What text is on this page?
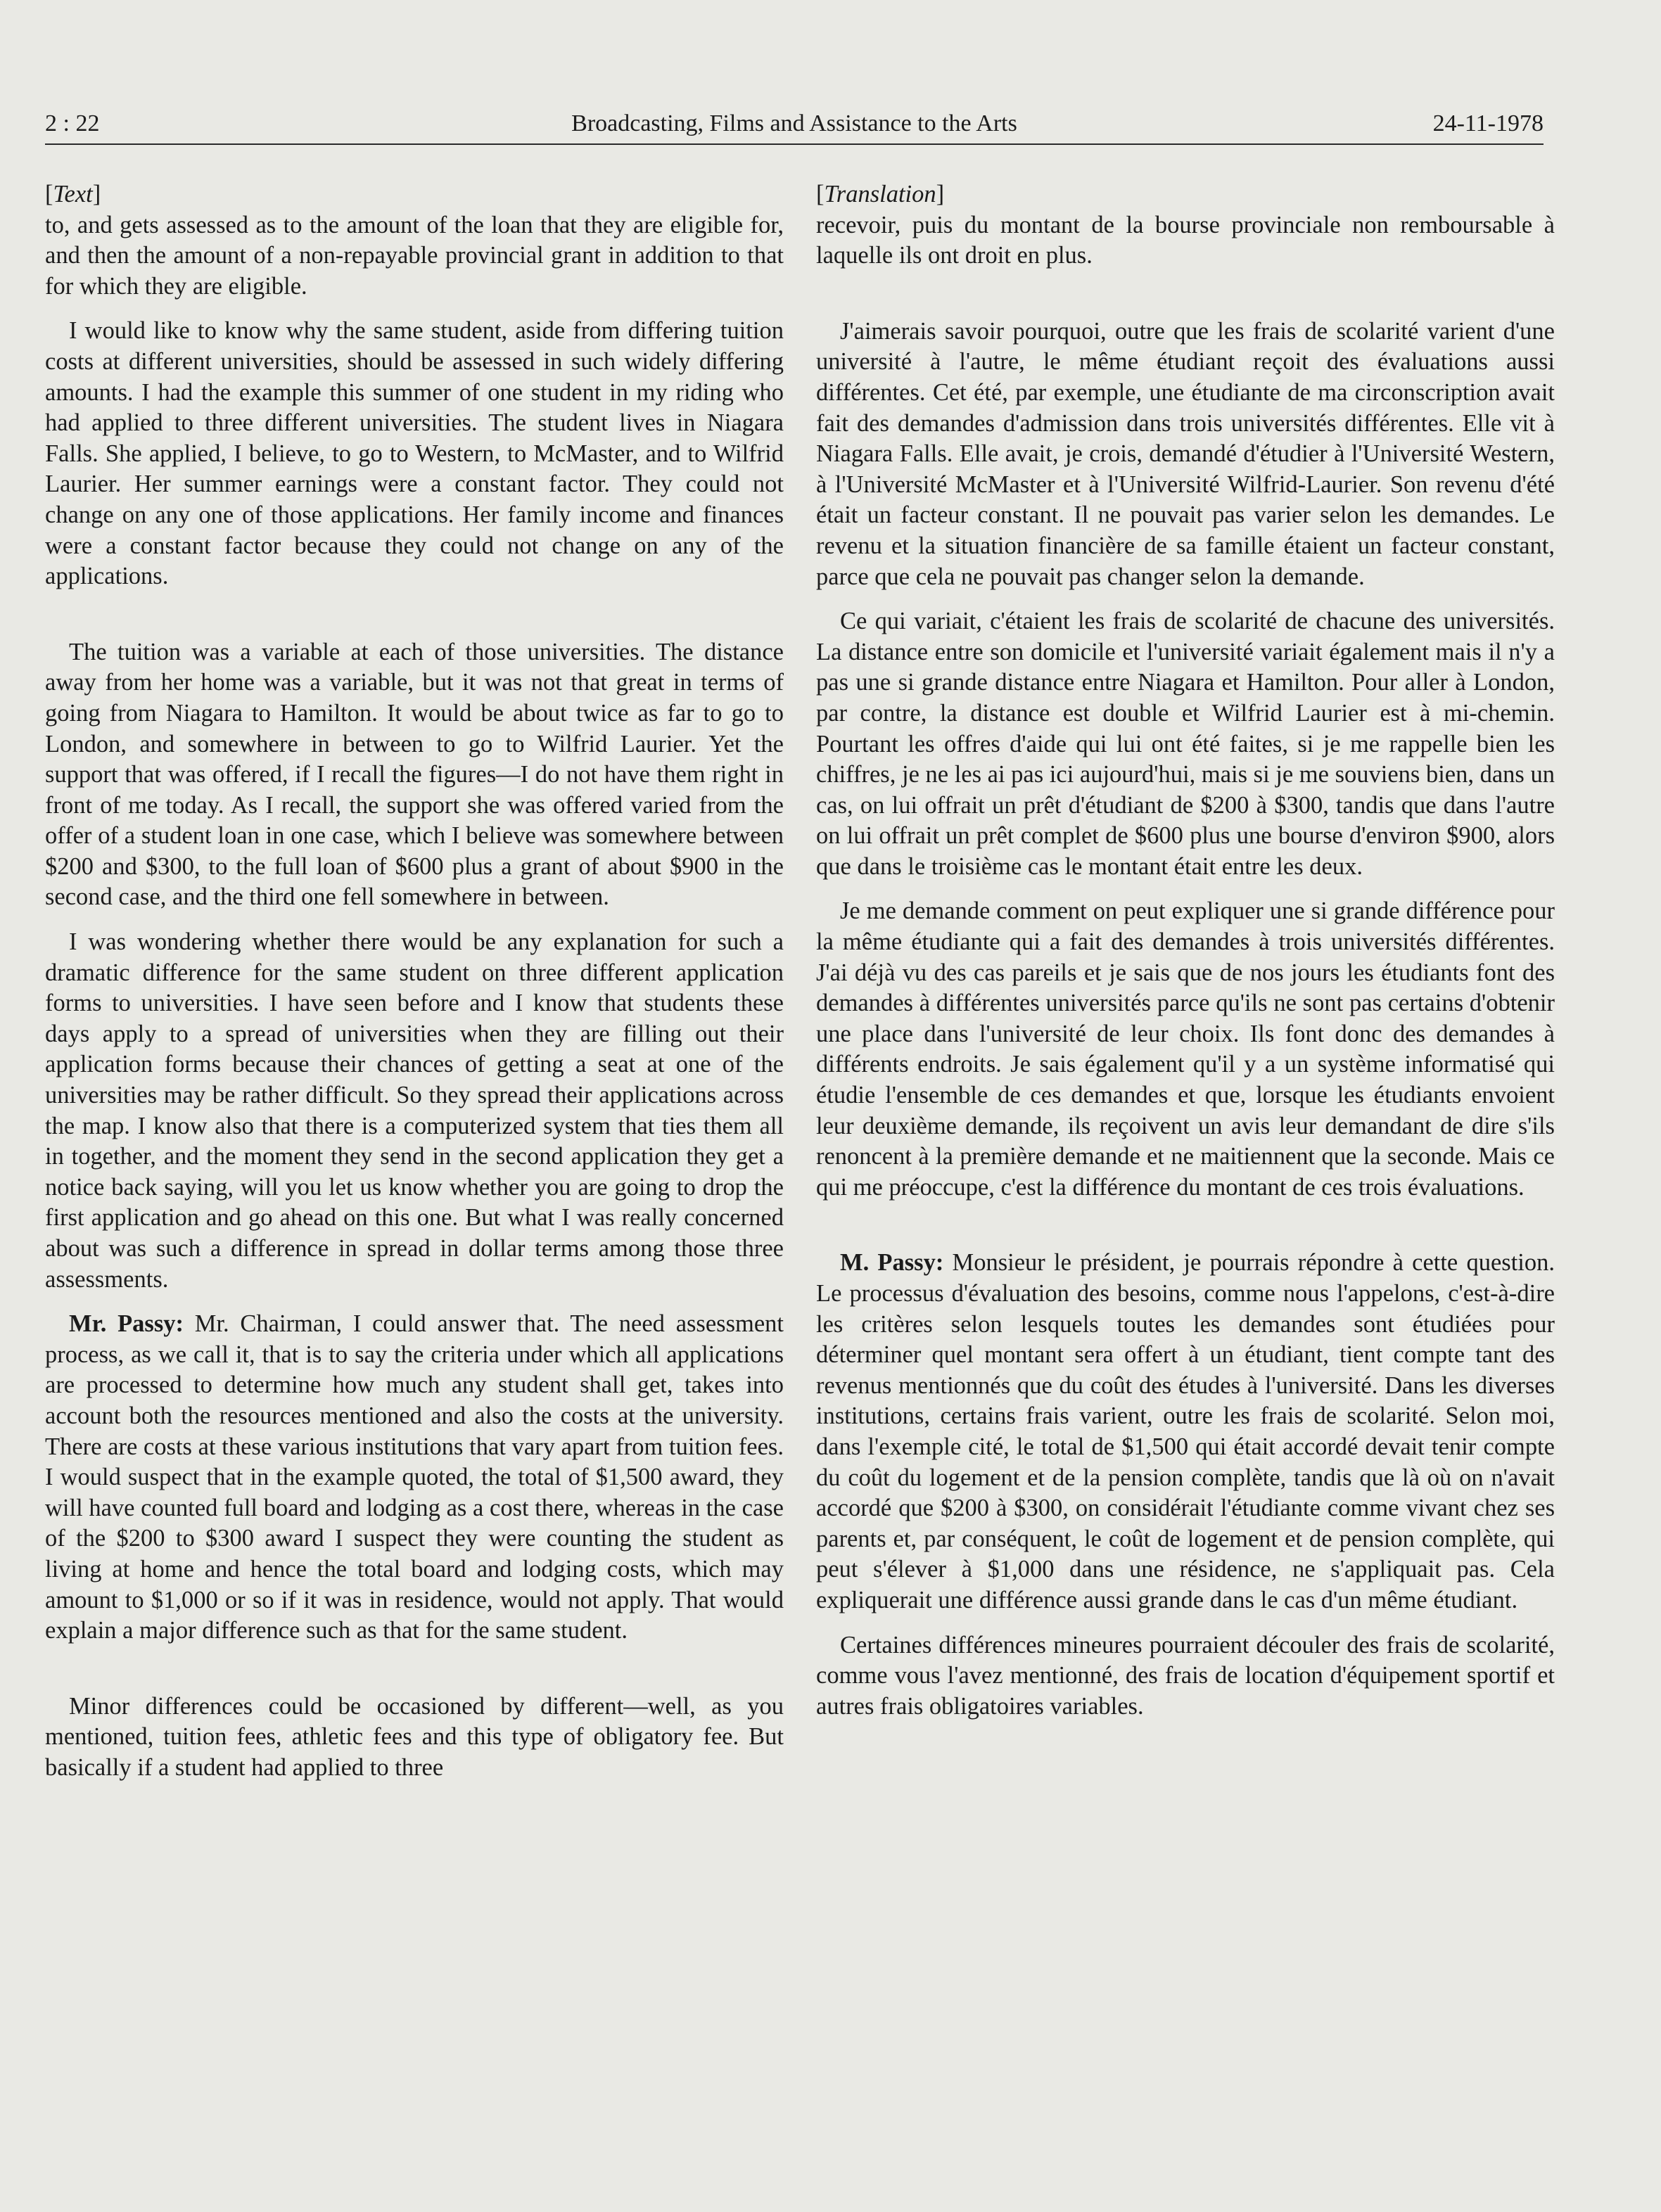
2 : 22	Broadcasting, Films and Assistance to the Arts	24-11-1978
[Text]

to, and gets assessed as to the amount of the loan that they are eligible for, and then the amount of a non-repayable provincial grant in addition to that for which they are eligible.

I would like to know why the same student, aside from differing tuition costs at different universities, should be assessed in such widely differing amounts. I had the example this summer of one student in my riding who had applied to three different universities. The student lives in Niagara Falls. She applied, I believe, to go to Western, to McMaster, and to Wilfrid Laurier. Her summer earnings were a constant factor. They could not change on any one of those applications. Her family income and finances were a constant factor because they could not change on any of the applications.

The tuition was a variable at each of those universities. The distance away from her home was a variable, but it was not that great in terms of going from Niagara to Hamilton. It would be about twice as far to go to London, and somewhere in between to go to Wilfrid Laurier. Yet the support that was offered, if I recall the figures—I do not have them right in front of me today. As I recall, the support she was offered varied from the offer of a student loan in one case, which I believe was somewhere between $200 and $300, to the full loan of $600 plus a grant of about $900 in the second case, and the third one fell somewhere in between.

I was wondering whether there would be any explanation for such a dramatic difference for the same student on three different application forms to universities. I have seen before and I know that students these days apply to a spread of universities when they are filling out their application forms because their chances of getting a seat at one of the universities may be rather difficult. So they spread their applications across the map. I know also that there is a computerized system that ties them all in together, and the moment they send in the second application they get a notice back saying, will you let us know whether you are going to drop the first application and go ahead on this one. But what I was really concerned about was such a difference in spread in dollar terms among those three assessments.

Mr. Passy: Mr. Chairman, I could answer that. The need assessment process, as we call it, that is to say the criteria under which all applications are processed to determine how much any student shall get, takes into account both the resources mentioned and also the costs at the university. There are costs at these various institutions that vary apart from tuition fees. I would suspect that in the example quoted, the total of $1,500 award, they will have counted full board and lodging as a cost there, whereas in the case of the $200 to $300 award I suspect they were counting the student as living at home and hence the total board and lodging costs, which may amount to $1,000 or so if it was in residence, would not apply. That would explain a major difference such as that for the same student.

Minor differences could be occasioned by different—well, as you mentioned, tuition fees, athletic fees and this type of obligatory fee. But basically if a student had applied to three

[Translation]

recevoir, puis du montant de la bourse provinciale non remboursable à laquelle ils ont droit en plus.

J'aimerais savoir pourquoi, outre que les frais de scolarité varient d'une université à l'autre, le même étudiant reçoit des évaluations aussi différentes. Cet été, par exemple, une étudiante de ma circonscription avait fait des demandes d'admission dans trois universités différentes. Elle vit à Niagara Falls. Elle avait, je crois, demandé d'étudier à l'Université Western, à l'Université McMaster et à l'Université Wilfrid-Laurier. Son revenu d'été était un facteur constant. Il ne pouvait pas varier selon les demandes. Le revenu et la situation financière de sa famille étaient un facteur constant, parce que cela ne pouvait pas changer selon la demande.

Ce qui variait, c'étaient les frais de scolarité de chacune des universités. La distance entre son domicile et l'université variait également mais il n'y a pas une si grande distance entre Niagara et Hamilton. Pour aller à London, par contre, la distance est double et Wilfrid Laurier est à mi-chemin. Pourtant les offres d'aide qui lui ont été faites, si je me rappelle bien les chiffres, je ne les ai pas ici aujourd'hui, mais si je me souviens bien, dans un cas, on lui offrait un prêt d'étudiant de $200 à $300, tandis que dans l'autre on lui offrait un prêt complet de $600 plus une bourse d'environ $900, alors que dans le troisième cas le montant était entre les deux.

Je me demande comment on peut expliquer une si grande différence pour la même étudiante qui a fait des demandes à trois universités différentes. J'ai déjà vu des cas pareils et je sais que de nos jours les étudiants font des demandes à différentes universités parce qu'ils ne sont pas certains d'obtenir une place dans l'université de leur choix. Ils font donc des demandes à différents endroits. Je sais également qu'il y a un système informatisé qui étudie l'ensemble de ces demandes et que, lorsque les étudiants envoient leur deuxième demande, ils reçoivent un avis leur demandant de dire s'ils renoncent à la première demande et ne maitiennent que la seconde. Mais ce qui me préoccupe, c'est la différence du montant de ces trois évaluations.

M. Passy: Monsieur le président, je pourrais répondre à cette question. Le processus d'évaluation des besoins, comme nous l'appelons, c'est-à-dire les critères selon lesquels toutes les demandes sont étudiées pour déterminer quel montant sera offert à un étudiant, tient compte tant des revenus mentionnés que du coût des études à l'université. Dans les diverses institutions, certains frais varient, outre les frais de scolarité. Selon moi, dans l'exemple cité, le total de $1,500 qui était accordé devait tenir compte du coût du logement et de la pension complète, tandis que là où on n'avait accordé que $200 à $300, on considérait l'étudiante comme vivant chez ses parents et, par conséquent, le coût de logement et de pension complète, qui peut s'élever à $1,000 dans une résidence, ne s'appliquait pas. Cela expliquerait une différence aussi grande dans le cas d'un même étudiant.

Certaines différences mineures pourraient découler des frais de scolarité, comme vous l'avez mentionné, des frais de location d'équipement sportif et autres frais obligatoires variables.
